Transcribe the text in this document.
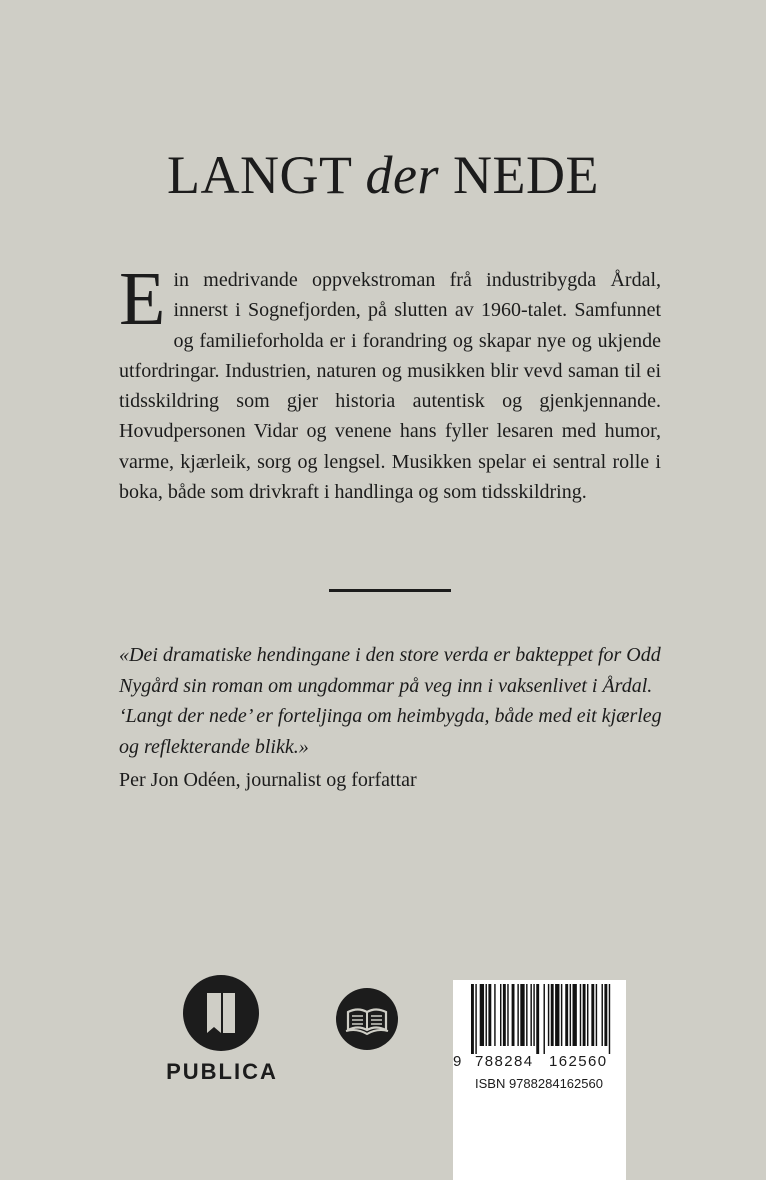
LANGT der NEDE
E in medrivande oppvekstroman frå industribygda Årdal, innerst i Sognefjorden, på slutten av 1960-talet. Samfunnet og familieforholda er i forandring og skapar nye og ukjende utfordringar. Industrien, naturen og musikken blir vevd saman til ei tidsskildring som gjer historia autentisk og gjenkjennande. Hovudpersonen Vidar og venene hans fyller lesaren med humor, varme, kjærleik, sorg og lengsel. Musikken spelar ei sentral rolle i boka, både som drivkraft i handlinga og som tidsskildring.
«Dei dramatiske hendingane i den store verda er bakteppet for Odd Nygård sin roman om ungdommar på veg inn i vaksenlivet i Årdal. ‘Langt der nede’ er forteljinga om heimbygda, både med eit kjærleg og reflekterande blikk.»
Per Jon Odéen, journalist og forfattar
PUBLICA	9 788284 162560
ISBN 9788284162560
